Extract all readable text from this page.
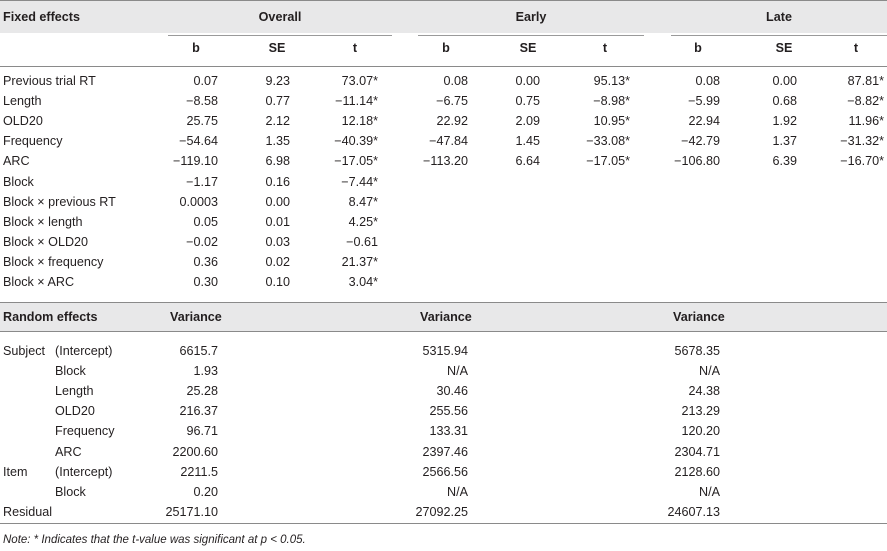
Fixed effects	Overall	Early	Late
b	SE	t	b	SE	t	b	SE	t
Previous trial RT	0.07	9.23	73.07*	0.08	0.00	95.13*	0.08	0.00	87.81*
Length	−8.58	0.77	−11.14*	−6.75	0.75	−8.98*	−5.99	0.68	−8.82*
OLD20	25.75	2.12	12.18*	22.92	2.09	10.95*	22.94	1.92	11.96*
Frequency	−54.64	1.35	−40.39*	−47.84	1.45	−33.08*	−42.79	1.37	−31.32*
ARC	−119.10	6.98	−17.05*	−113.20	6.64	−17.05*	−106.80	6.39	−16.70*
Block	−1.17	0.16	−7.44*
Block × previous RT	0.0003	0.00	8.47*
Block × length	0.05	0.01	4.25*
Block × OLD20	−0.02	0.03	−0.61
Block × frequency	0.36	0.02	21.37*
Block × ARC	0.30	0.10	3.04*
Random effects	Variance	Variance	Variance
Subject (Intercept)	6615.7	5315.94	5678.35
Block	1.93	N/A	N/A
Length	25.28	30.46	24.38
OLD20	216.37	255.56	213.29
Frequency	96.71	133.31	120.20
ARC	2200.60	2397.46	2304.71
Item (Intercept)	2211.5	2566.56	2128.60
Block	0.20	N/A	N/A
Residual	25171.10	27092.25	24607.13
Note: * Indicates that the t-value was significant at p < 0.05.
